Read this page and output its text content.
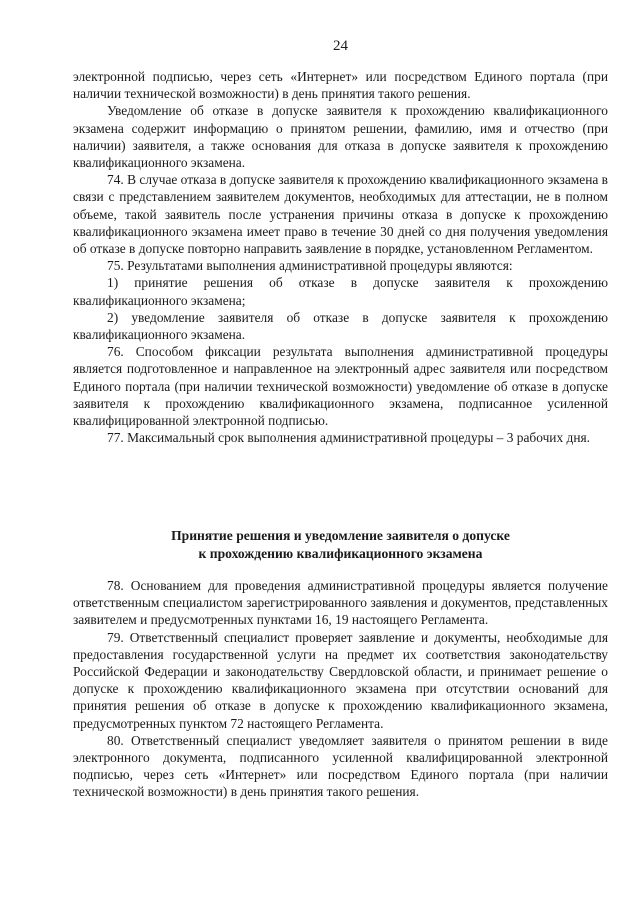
24

электронной подписью, через сеть «Интернет» или посредством Единого портала (при наличии технической возможности) в день принятия такого решения.

Уведомление об отказе в допуске заявителя к прохождению квалификационного экзамена содержит информацию о принятом решении, фамилию, имя и отчество (при наличии) заявителя, а также основания для отказа в допуске заявителя к прохождению квалификационного экзамена.

74. В случае отказа в допуске заявителя к прохождению квалификационного экзамена в связи с представлением заявителем документов, необходимых для аттестации, не в полном объеме, такой заявитель после устранения причины отказа в допуске к прохождению квалификационного экзамена имеет право в течение 30 дней со дня получения уведомления об отказе в допуске повторно направить заявление в порядке, установленном Регламентом.

75. Результатами выполнения административной процедуры являются:

1) принятие решения об отказе в допуске заявителя к прохождению квалификационного экзамена;

2) уведомление заявителя об отказе в допуске заявителя к прохождению квалификационного экзамена.

76. Способом фиксации результата выполнения административной процедуры является подготовленное и направленное на электронный адрес заявителя или посредством Единого портала (при наличии технической возможности) уведомление об отказе в допуске заявителя к прохождению квалификационного экзамена, подписанное усиленной квалифицированной электронной подписью.

77. Максимальный срок выполнения административной процедуры – 3 рабочих дня.

Принятие решения и уведомление заявителя о допуске
к прохождению квалификационного экзамена

78. Основанием для проведения административной процедуры является получение ответственным специалистом зарегистрированного заявления и документов, представленных заявителем и предусмотренных пунктами 16, 19 настоящего Регламента.

79. Ответственный специалист проверяет заявление и документы, необходимые для предоставления государственной услуги на предмет их соответствия законодательству Российской Федерации и законодательству Свердловской области, и принимает решение о допуске к прохождению квалификационного экзамена при отсутствии оснований для принятия решения об отказе в допуске к прохождению квалификационного экзамена, предусмотренных пунктом 72 настоящего Регламента.

80. Ответственный специалист уведомляет заявителя о принятом решении в виде электронного документа, подписанного усиленной квалифицированной электронной подписью, через сеть «Интернет» или посредством Единого портала (при наличии технической возможности) в день принятия такого решения.
